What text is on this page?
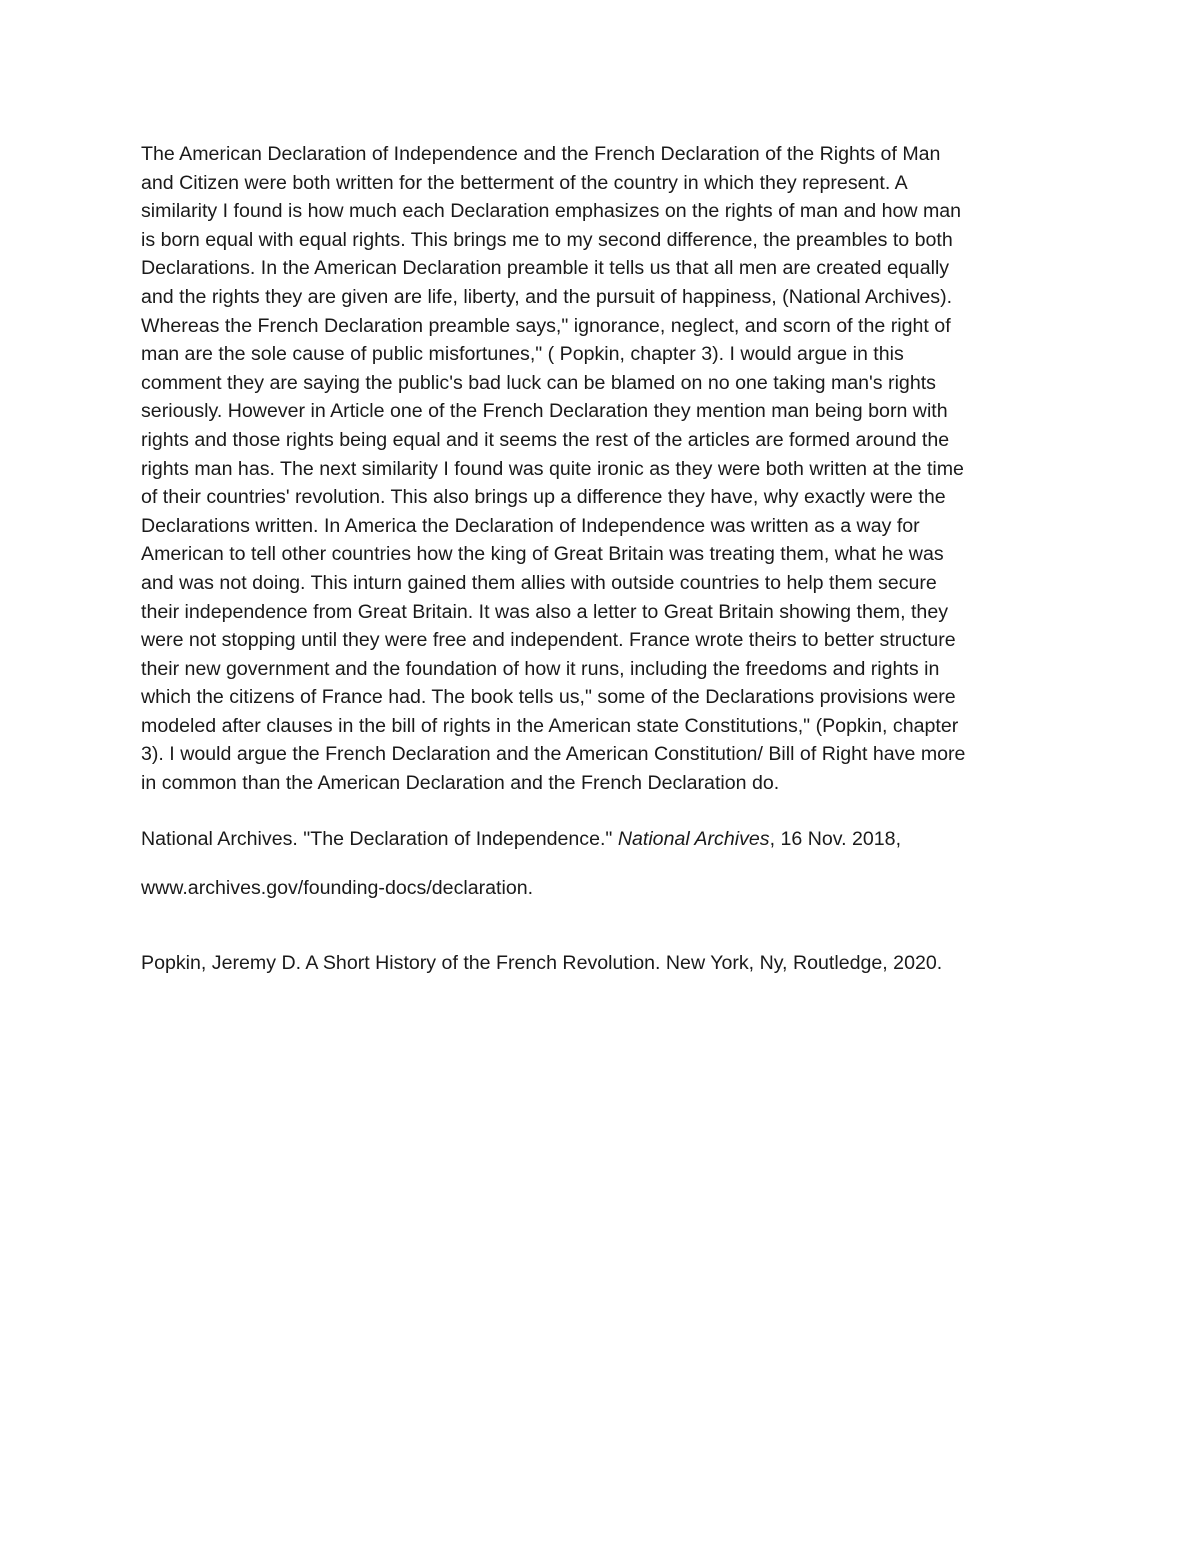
The American Declaration of Independence and the French Declaration of the Rights of Man
and Citizen were both written for the betterment of the country in which they represent. A
similarity I found is how much each Declaration emphasizes on the rights of man and how man
is born equal with equal rights. This brings me to my second difference, the preambles to both
Declarations. In the American Declaration preamble it tells us that all men are created equally
and the rights they are given are life, liberty, and the pursuit of happiness, (National Archives).
Whereas the French Declaration preamble says," ignorance, neglect, and scorn of the right of
man are the sole cause of public misfortunes," ( Popkin, chapter 3). I would argue in this
comment they are saying the public's bad luck can be blamed on no one taking man's rights
seriously. However in Article one of the French Declaration they mention man being born with
rights and those rights being equal and it seems the rest of the articles are formed around the
rights man has. The next similarity I found was quite ironic as they were both written at the time
of their countries' revolution. This also brings up a difference they have, why exactly were the
Declarations written. In America the Declaration of Independence was written as a way for
American to tell other countries how the king of Great Britain was treating them, what he was
and was not doing. This inturn gained them allies with outside countries to help them secure
their independence from Great Britain. It was also a letter to Great Britain showing them, they
were not stopping until they were free and independent. France wrote theirs to better structure
their new government and the foundation of how it runs, including the freedoms and rights in
which the citizens of France had. The book tells us," some of the Declarations provisions were
modeled after clauses in the bill of rights in the American state Constitutions," (Popkin, chapter
3). I would argue the French Declaration and the American Constitution/ Bill of Right have more
in common than the American Declaration and the French Declaration do.
National Archives. "The Declaration of Independence." National Archives, 16 Nov. 2018,
www.archives.gov/founding-docs/declaration.
Popkin, Jeremy D. A Short History of the French Revolution. New York, Ny, Routledge, 2020.
